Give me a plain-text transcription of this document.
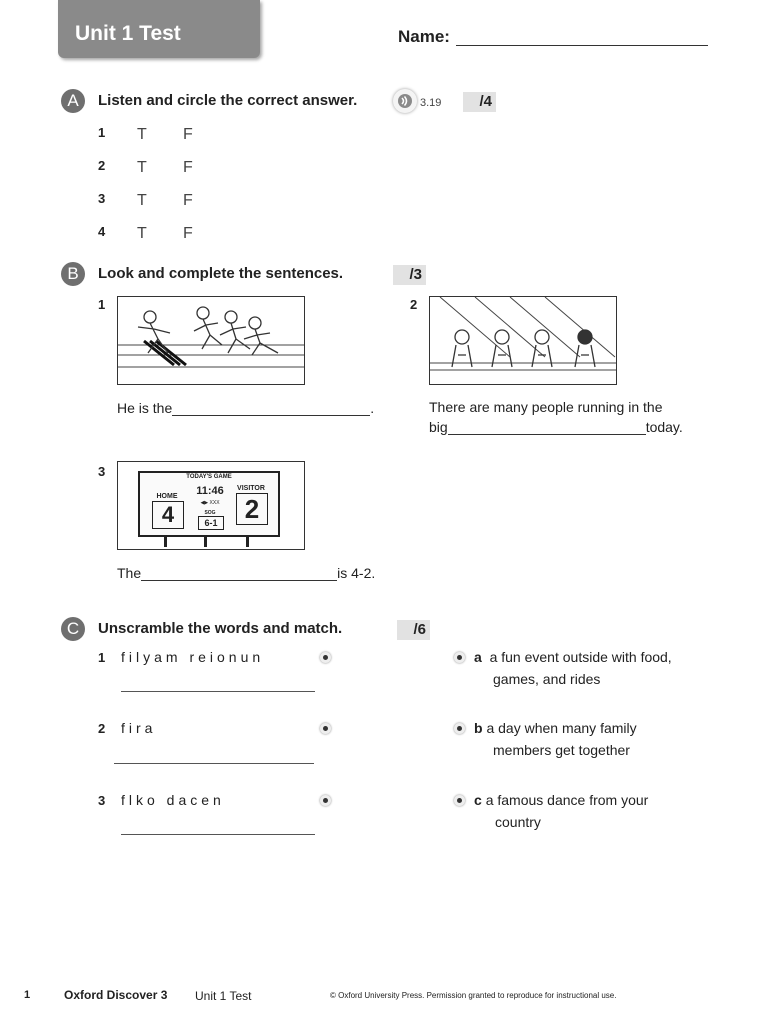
Unit 1 Test	Name:
A	Listen and circle the correct answer.	3.19	/4
1 T F
2 T F
3 T F
4 T F
B	Look and complete the sentences.	/3
1
He is the	.
2
There are many people running in the
big	today.
3	TODAY'S GAME
HOME
4
11:46
◀▶ XXX
SOG
6-1
VISITOR
2
The	is 4-2.
C	Unscramble the words and match.	/6
1 filyam reionun
2 fira
3 flko dacen
a a fun event outside with food,
games, and rides
b a day when many family
members get together
c a famous dance from your
country
1	Oxford Discover 3 Unit 1 Test	© Oxford University Press. Permission granted to reproduce for instructional use.
